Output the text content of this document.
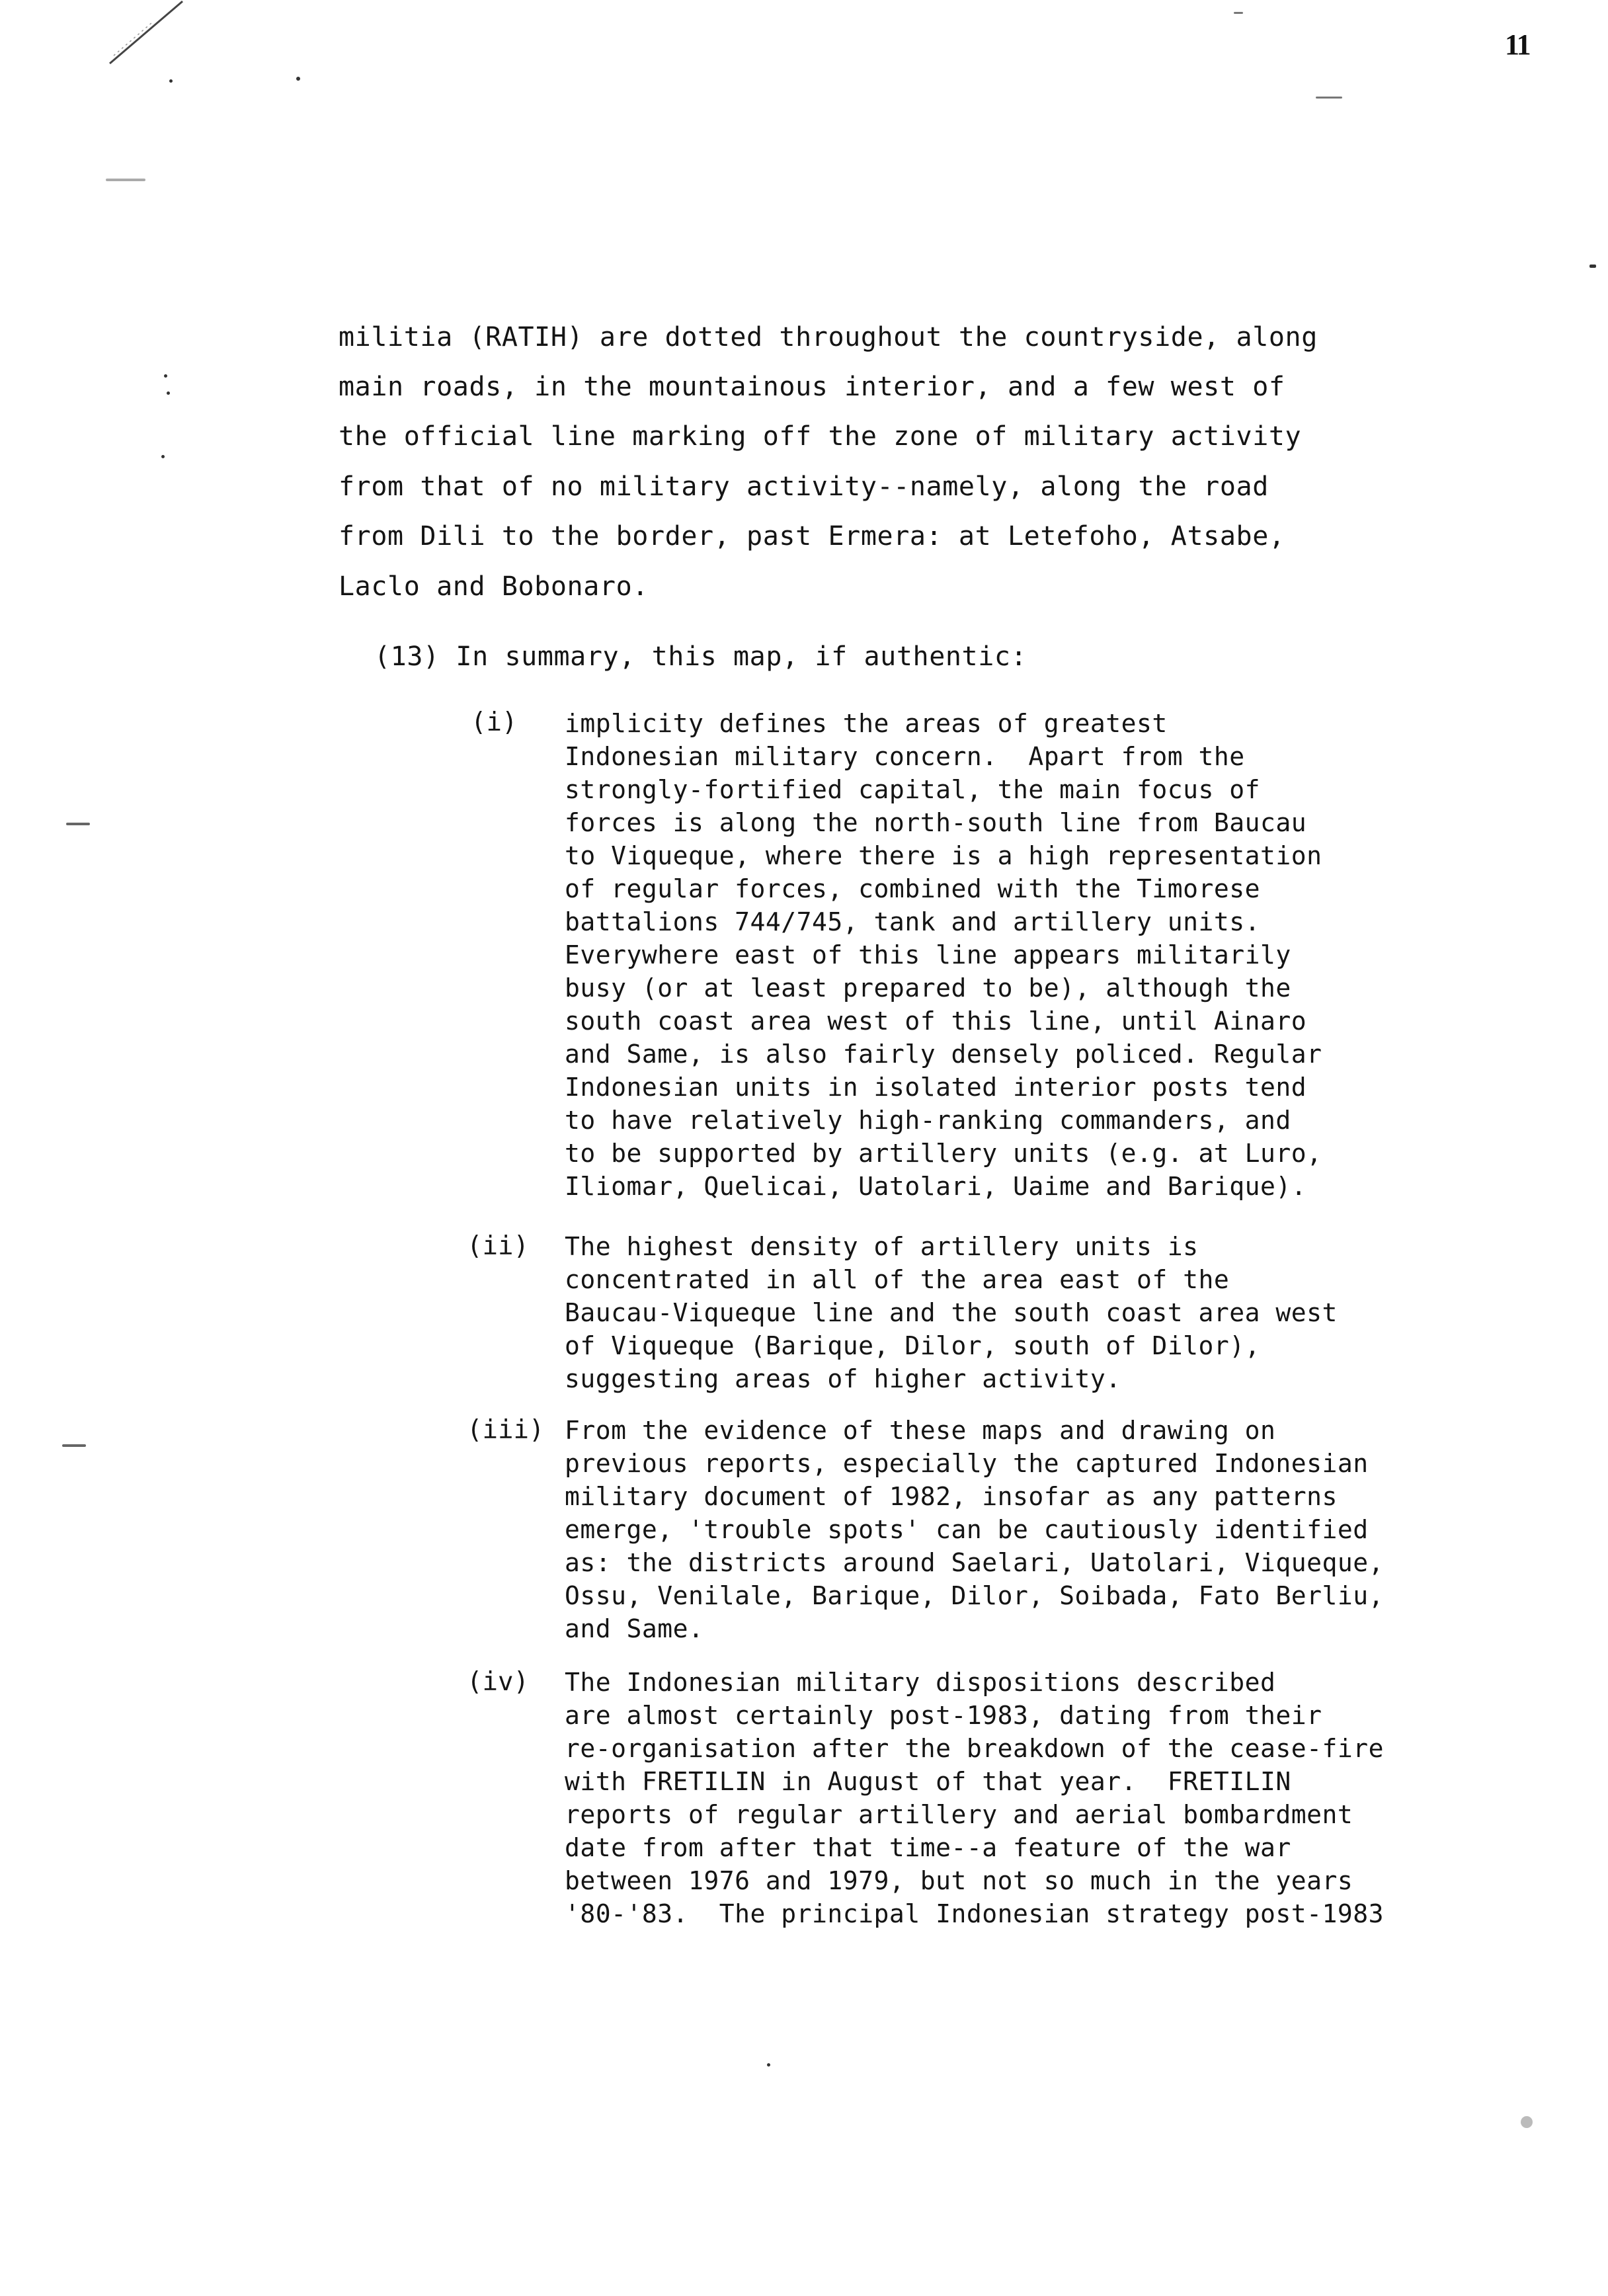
11
militia (RATIH) are dotted throughout the countryside, along
main roads, in the mountainous interior, and a few west of
the official line marking off the zone of military activity
from that of no military activity--namely, along the road
from Dili to the border, past Ermera: at Letefoho, Atsabe,
Laclo and Bobonaro.
(13) In summary, this map, if authentic:
(i) implicity defines the areas of greatest
Indonesian military concern.  Apart from the
strongly-fortified capital, the main focus of
forces is along the north-south line from Baucau
to Viqueque, where there is a high representation
of regular forces, combined with the Timorese
battalions 744/745, tank and artillery units.
Everywhere east of this line appears militarily
busy (or at least prepared to be), although the
south coast area west of this line, until Ainaro
and Same, is also fairly densely policed. Regular
Indonesian units in isolated interior posts tend
to have relatively high-ranking commanders, and
to be supported by artillery units (e.g. at Luro,
Iliomar, Quelicai, Uatolari, Uaime and Barique).
(ii) The highest density of artillery units is
concentrated in all of the area east of the
Baucau-Viqueque line and the south coast area west
of Viqueque (Barique, Dilor, south of Dilor),
suggesting areas of higher activity.
(iii) From the evidence of these maps and drawing on
previous reports, especially the captured Indonesian
military document of 1982, insofar as any patterns
emerge, 'trouble spots' can be cautiously identified
as: the districts around Saelari, Uatolari, Viqueque,
Ossu, Venilale, Barique, Dilor, Soibada, Fato Berliu,
and Same.
(iv) The Indonesian military dispositions described
are almost certainly post-1983, dating from their
re-organisation after the breakdown of the cease-fire
with FRETILIN in August of that year.  FRETILIN
reports of regular artillery and aerial bombardment
date from after that time--a feature of the war
between 1976 and 1979, but not so much in the years
'80-'83.  The principal Indonesian strategy post-1983
